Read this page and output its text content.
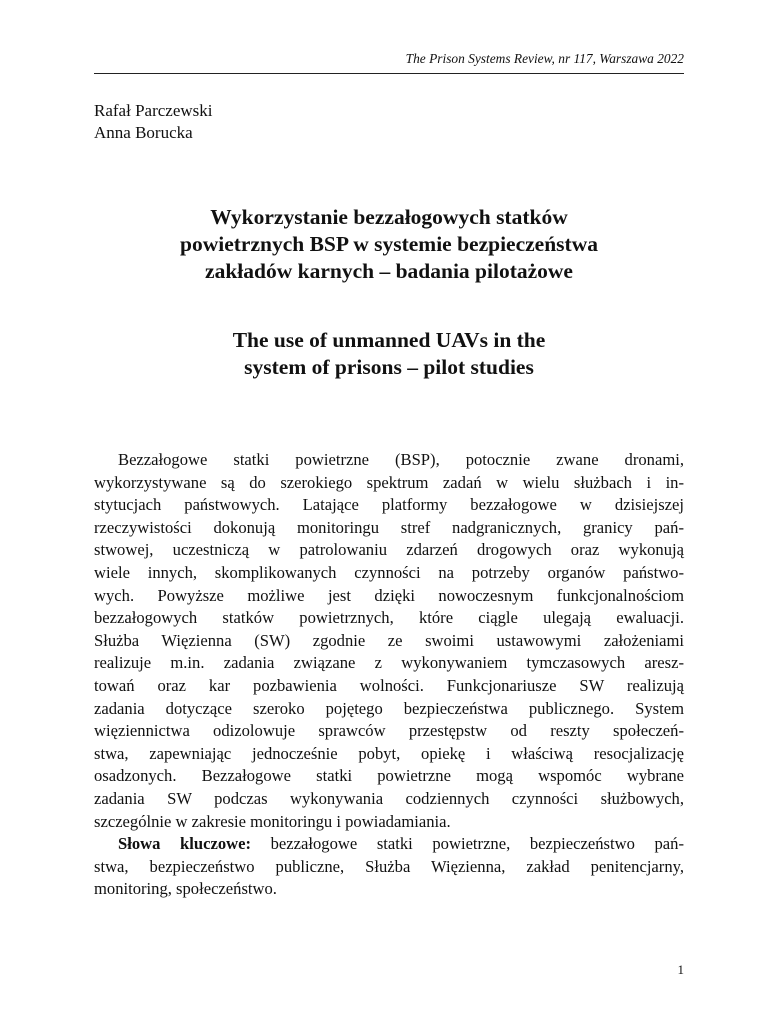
The Prison Systems Review, nr 117, Warszawa 2022
Rafał Parczewski
Anna Borucka
Wykorzystanie bezzałogowych statków
powietrznych BSP w systemie bezpieczeństwa
zakładów karnych – badania pilotażowe
The use of unmanned UAVs in the
system of prisons – pilot studies
Bezzałogowe statki powietrzne (BSP), potocznie zwane dronami,
wykorzystywane są do szerokiego spektrum zadań w wielu służbach i in-
stytucjach państwowych. Latające platformy bezzałogowe w dzisiejszej
rzeczywistości dokonują monitoringu stref nadgranicznych, granicy pań-
stwowej, uczestniczą w patrolowaniu zdarzeń drogowych oraz wykonują
wiele innych, skomplikowanych czynności na potrzeby organów państwo-
wych. Powyższe możliwe jest dzięki nowoczesnym funkcjonalnościom
bezzałogowych statków powietrznych, które ciągle ulegają ewaluacji.
Służba Więzienna (SW) zgodnie ze swoimi ustawowymi założeniami
realizuje m.in. zadania związane z wykonywaniem tymczasowych aresz-
towań oraz kar pozbawienia wolności. Funkcjonariusze SW realizują
zadania dotyczące szeroko pojętego bezpieczeństwa publicznego. System
więziennictwa odizolowuje sprawców przestępstw od reszty społeczeń-
stwa, zapewniając jednocześnie pobyt, opiekę i właściwą resocjalizację
osadzonych. Bezzałogowe statki powietrzne mogą wspomóc wybrane
zadania SW podczas wykonywania codziennych czynności służbowych,
szczególnie w zakresie monitoringu i powiadamiania.
Słowa kluczowe: bezzałogowe statki powietrzne, bezpieczeństwo pań-
stwa, bezpieczeństwo publiczne, Służba Więzienna, zakład penitencjarny,
monitoring, społeczeństwo.
1
